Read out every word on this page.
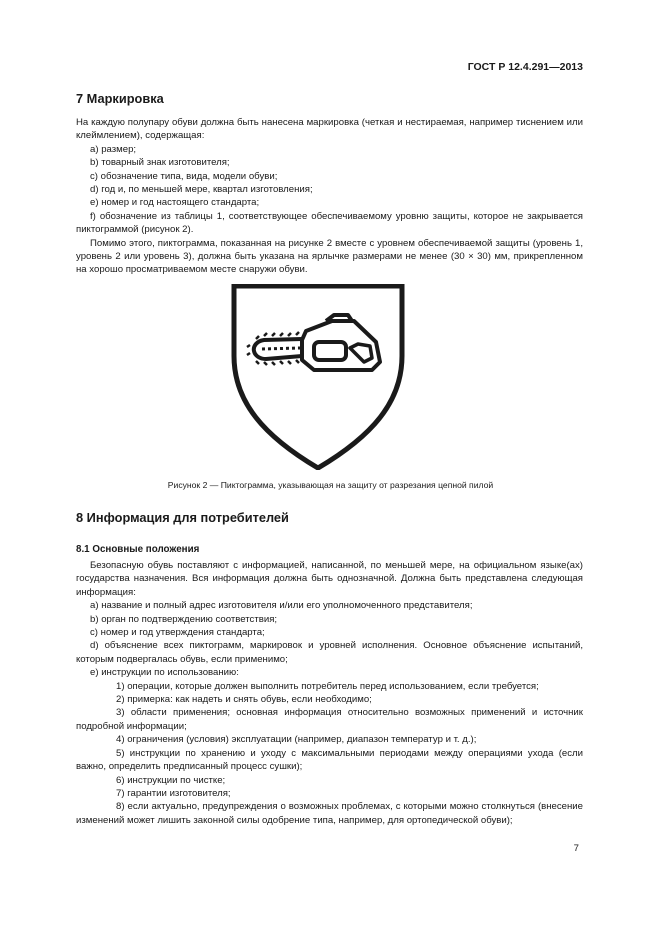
ГОСТ Р 12.4.291—2013
7 Маркировка

На каждую полупару обуви должна быть нанесена маркировка (четкая и нестираемая, например тиснением или клеймлением), содержащая:

a) размер;

b) товарный знак изготовителя;

c) обозначение типа, вида, модели обуви;

d) год и, по меньшей мере, квартал изготовления;

e) номер и год настоящего стандарта;

f) обозначение из таблицы 1, соответствующее обеспечиваемому уровню защиты, которое не закрывается пиктограммой (рисунок 2).

Помимо этого, пиктограмма, показанная на рисунке 2 вместе с уровнем обеспечиваемой защиты (уровень 1, уровень 2 или уровень 3), должна быть указана на ярлычке размерами не менее (30 × 30) мм, прикрепленном на хорошо просматриваемом месте снаружи обуви.

Рисунок 2 — Пиктограмма, указывающая на защиту от разрезания цепной пилой
8 Информация для потребителей
8.1 Основные положения

Безопасную обувь поставляют с информацией, написанной, по меньшей мере, на официальном языке(ах) государства назначения. Вся информация должна быть однозначной. Должна быть представлена следующая информация:

a) название и полный адрес изготовителя и/или его уполномоченного представителя;

b) орган по подтверждению соответствия;

c) номер и год утверждения стандарта;

d) объяснение всех пиктограмм, маркировок и уровней исполнения. Основное объяснение испытаний, которым подвергалась обувь, если применимо;

e) инструкции по использованию:

1) операции, которые должен выполнить потребитель перед использованием, если требуется;

2) примерка: как надеть и снять обувь, если необходимо;

3) области применения; основная информация относительно возможных применений и источник подробной информации;

4) ограничения (условия) эксплуатации (например, диапазон температур и т. д.);

5) инструкции по хранению и уходу с максимальными периодами между операциями ухода (если важно, определить предписанный процесс сушки);

6) инструкции по чистке;

7) гарантии изготовителя;

8) если актуально, предупреждения о возможных проблемах, с которыми можно столкнуться (внесение изменений может лишить законной силы одобрение типа, например, для ортопедической обуви);

7
